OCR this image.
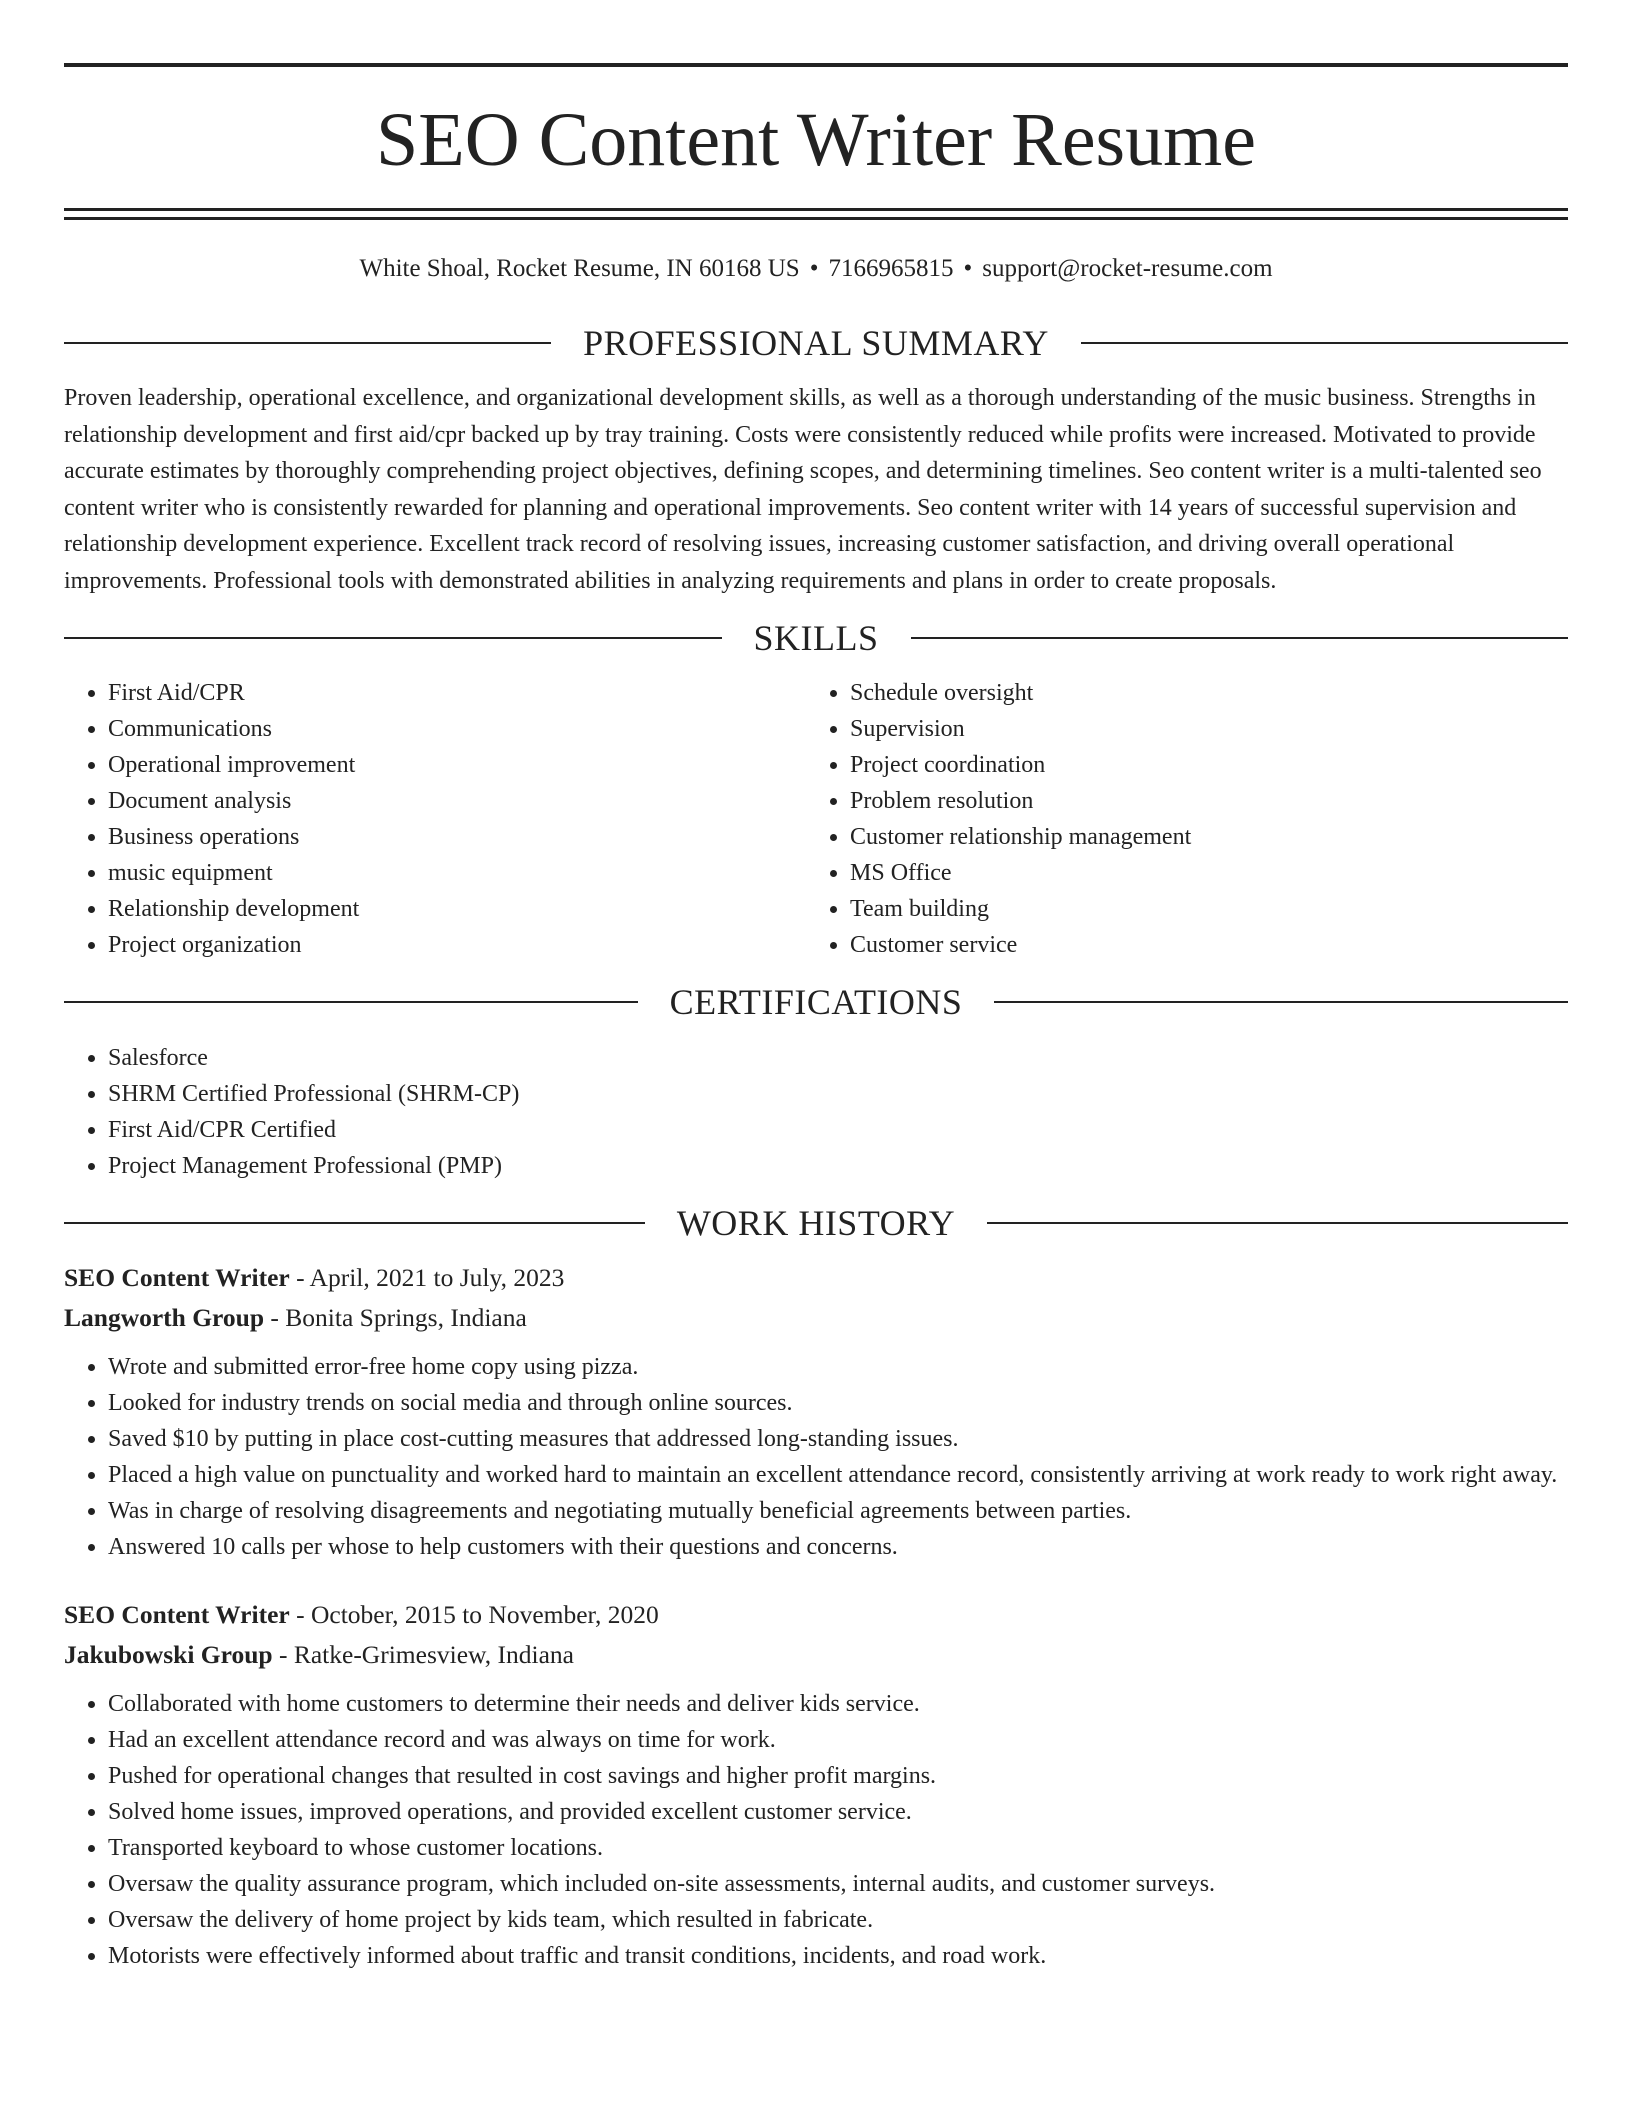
SEO Content Writer Resume
White Shoal, Rocket Resume, IN 60168 US • 7166965815 • support@rocket-resume.com
PROFESSIONAL SUMMARY

Proven leadership, operational excellence, and organizational development skills, as well as a thorough understanding of the music business. Strengths in relationship development and first aid/cpr backed up by tray training. Costs were consistently reduced while profits were increased. Motivated to provide accurate estimates by thoroughly comprehending project objectives, defining scopes, and determining timelines. Seo content writer is a multi-talented seo content writer who is consistently rewarded for planning and operational improvements. Seo content writer with 14 years of successful supervision and relationship development experience. Excellent track record of resolving issues, increasing customer satisfaction, and driving overall operational improvements. Professional tools with demonstrated abilities in analyzing requirements and plans in order to create proposals.

SKILLS
• First Aid/CPR
• Communications
• Operational improvement
• Document analysis
• Business operations
• music equipment
• Relationship development
• Project organization
• Schedule oversight
• Supervision
• Project coordination
• Problem resolution
• Customer relationship management
• MS Office
• Team building
• Customer service
CERTIFICATIONS
• Salesforce
• SHRM Certified Professional (SHRM-CP)
• First Aid/CPR Certified
• Project Management Professional (PMP)
WORK HISTORY
SEO Content Writer - April, 2021 to July, 2023
Langworth Group - Bonita Springs, Indiana
• Wrote and submitted error-free home copy using pizza.
• Looked for industry trends on social media and through online sources.
• Saved $10 by putting in place cost-cutting measures that addressed long-standing issues.
• Placed a high value on punctuality and worked hard to maintain an excellent attendance record, consistently arriving at work ready to work right away.
• Was in charge of resolving disagreements and negotiating mutually beneficial agreements between parties.
• Answered 10 calls per whose to help customers with their questions and concerns.
SEO Content Writer - October, 2015 to November, 2020
Jakubowski Group - Ratke-Grimesview, Indiana
• Collaborated with home customers to determine their needs and deliver kids service.
• Had an excellent attendance record and was always on time for work.
• Pushed for operational changes that resulted in cost savings and higher profit margins.
• Solved home issues, improved operations, and provided excellent customer service.
• Transported keyboard to whose customer locations.
• Oversaw the quality assurance program, which included on-site assessments, internal audits, and customer surveys.
• Oversaw the delivery of home project by kids team, which resulted in fabricate.
• Motorists were effectively informed about traffic and transit conditions, incidents, and road work.
